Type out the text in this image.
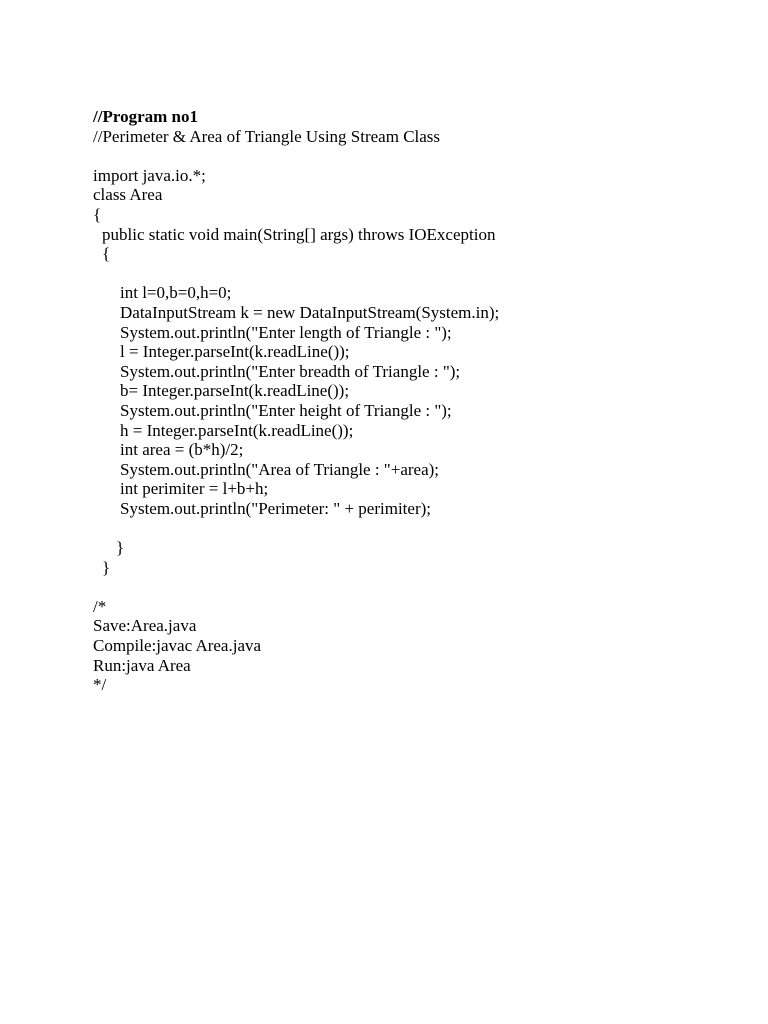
//Program no1
//Perimeter & Area of Triangle Using Stream Class
import java.io.*;
class Area
{
public static void main(String[] args) throws IOException
{
int l=0,b=0,h=0;
DataInputStream k = new DataInputStream(System.in);
System.out.println("Enter length of Triangle : ");
l = Integer.parseInt(k.readLine());
System.out.println("Enter breadth of Triangle : ");
b= Integer.parseInt(k.readLine());
System.out.println("Enter height of Triangle : ");
h = Integer.parseInt(k.readLine());
int area = (b*h)/2;
System.out.println("Area of Triangle : "+area);
int perimiter = l+b+h;
System.out.println("Perimeter: " + perimiter);
}
}
/*
Save:Area.java
Compile:javac Area.java
Run:java Area
*/
